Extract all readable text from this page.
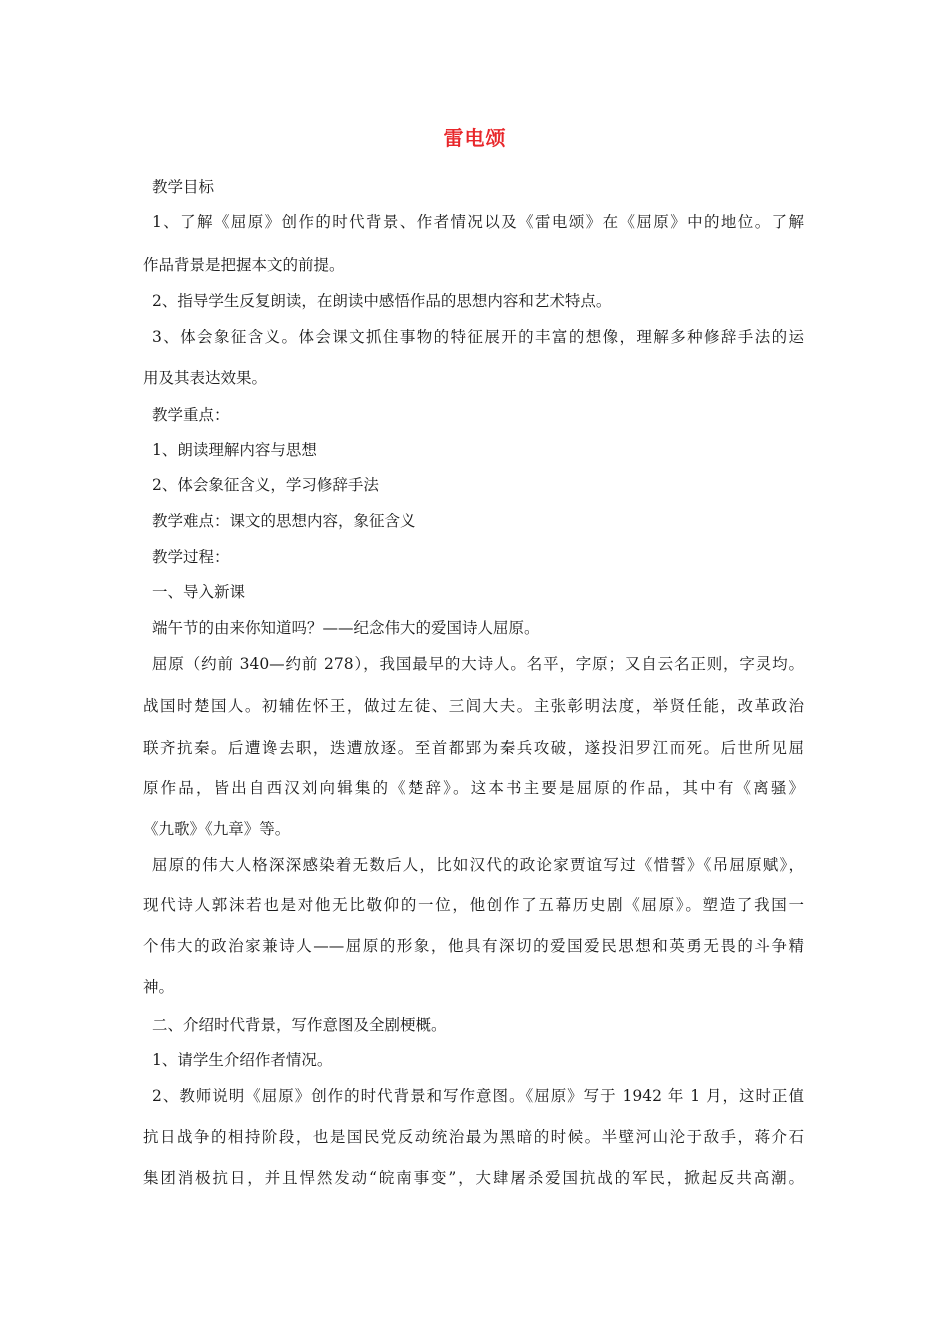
雷电颂
教学目标
1、了解《屈原》创作的时代背景、作者情况以及《雷电颂》在《屈原》中的地位。了解
作品背景是把握本文的前提。
2、指导学生反复朗读，在朗读中感悟作品的思想内容和艺术特点。
3、体会象征含义。体会课文抓住事物的特征展开的丰富的想像，理解多种修辞手法的运
用及其表达效果。
教学重点：
1、朗读理解内容与思想
2、体会象征含义，学习修辞手法
教学难点：课文的思想内容，象征含义
教学过程：
一、导入新课
端午节的由来你知道吗？——纪念伟大的爱国诗人屈原。
屈原（约前 340—约前 278），我国最早的大诗人。名平，字原；又自云名正则，字灵均。
战国时楚国人。初辅佐怀王，做过左徒、三闾大夫。主张彰明法度，举贤任能，改革政治
联齐抗秦。后遭谗去职，迭遭放逐。至首都郢为秦兵攻破，遂投汨罗江而死。后世所见屈
原作品，皆出自西汉刘向辑集的《楚辞》。这本书主要是屈原的作品，其中有《离骚》
《九歌》《九章》等。
屈原的伟大人格深深感染着无数后人，比如汉代的政论家贾谊写过《惜誓》《吊屈原赋》，
现代诗人郭沫若也是对他无比敬仰的一位，他创作了五幕历史剧《屈原》。塑造了我国一
个伟大的政治家兼诗人——屈原的形象，他具有深切的爱国爱民思想和英勇无畏的斗争精
神。
二、介绍时代背景，写作意图及全剧梗概。
1、请学生介绍作者情况。
2、教师说明《屈原》创作的时代背景和写作意图。《屈原》写于 1942 年 1 月，这时正值
抗日战争的相持阶段，也是国民党反动统治最为黑暗的时候。半壁河山沦于敌手，蒋介石
集团消极抗日，并且悍然发动“皖南事变”，大肆屠杀爱国抗战的军民，掀起反共高潮。
